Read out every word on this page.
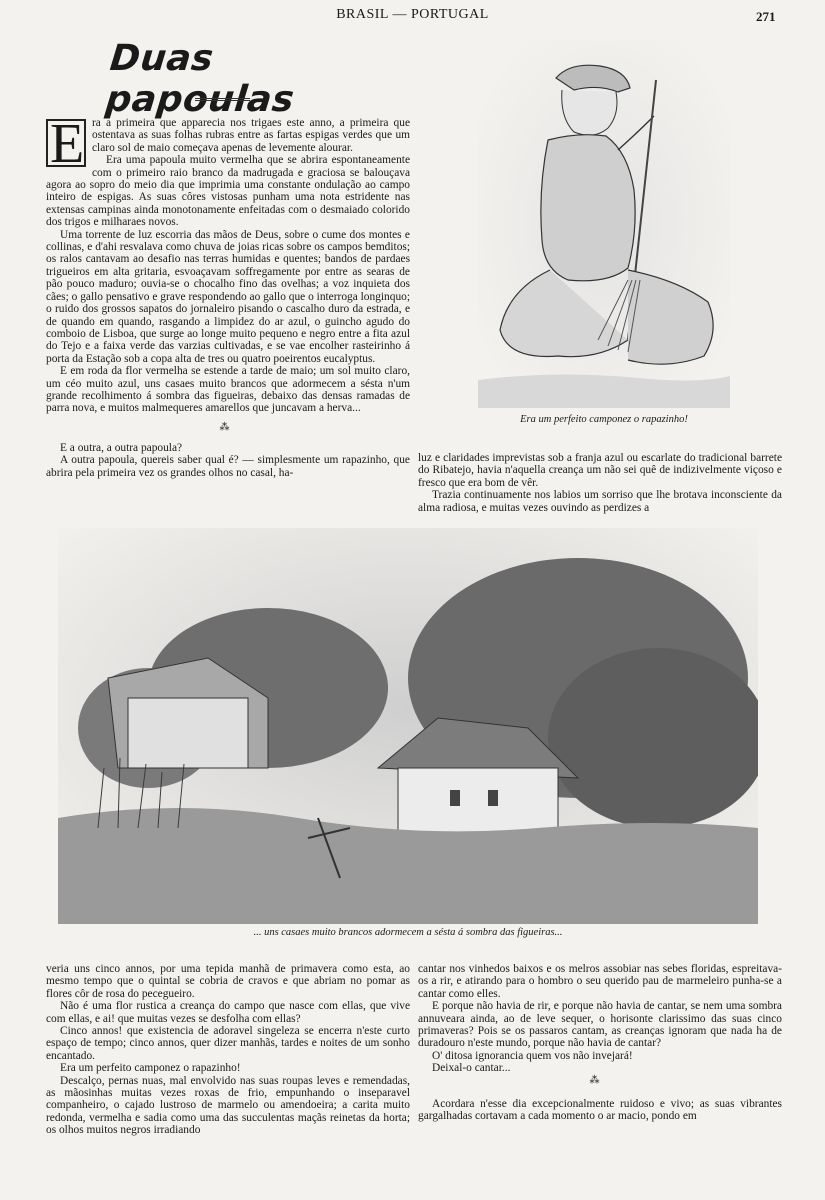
BRASIL — PORTUGAL	271
Duas papoulas

E ra a primeira que apparecia nos trigaes este anno, a primeira que ostentava as suas folhas rubras entre as fartas espigas verdes que um claro sol de maio começava apenas de levemente alourar.

Era uma papoula muito vermelha que se abrira espontaneamente com o primeiro raio branco da madrugada e graciosa se balouçava agora ao sopro do meio dia que imprimia uma constante ondulação ao campo inteiro de espigas. As suas côres vistosas punham uma nota estridente nas extensas campinas ainda monotonamente enfeitadas com o desmaiado colorido dos trigos e milharaes novos.

Uma torrente de luz escorria das mãos de Deus, sobre o cume dos montes e collinas, e d'ahi resvalava como chuva de joias ricas sobre os campos bemditos; os ralos cantavam ao desafio nas terras humidas e quentes; bandos de pardaes trigueiros em alta gritaria, esvoaçavam soffregamente por entre as searas de pão pouco maduro; ouvia-se o chocalho fino das ovelhas; a voz inquieta dos cães; o gallo pensativo e grave respondendo ao gallo que o interroga longinquo; o ruido dos grossos sapatos do jornaleiro pisando o cascalho duro da estrada, e de quando em quando, rasgando a limpidez do ar azul, o guincho agudo do comboio de Lisboa, que surge ao longe muito pequeno e negro entre a fita azul do Tejo e a faixa verde das varzias cultivadas, e se vae encolher rasteirinho á porta da Estação sob a copa alta de tres ou quatro poeirentos eucalyptus.

E em roda da flor vermelha se estende a tarde de maio; um sol muito claro, um céo muito azul, uns casaes muito brancos que adormecem a sésta n'um grande recolhimento á sombra das figueiras, debaixo das densas ramadas de parra nova, e muitos malmequeres amarellos que juncavam a herva...

⁂

E a outra, a outra papoula?

A outra papoula, quereis saber qual é? — simplesmente um rapazinho, que abrira pela primeira vez os grandes olhos no casal, ha-

luz e claridades imprevistas sob a franja azul ou escarlate do tradicional barrete do Ribatejo, havia n'aquella creança um não sei quê de indizivelmente viçoso e fresco que era bom de vêr.

Trazia continuamente nos labios um sorriso que lhe brotava inconsciente da alma radiosa, e muitas vezes ouvindo as perdizes a

Era um perfeito camponez o rapazinho!
... uns casaes muito brancos adormecem a sésta á sombra das figueiras...

veria uns cinco annos, por uma tepida manhã de primavera como esta, ao mesmo tempo que o quintal se cobria de cravos e que abriam no pomar as flores côr de rosa do pecegueiro.

Não é uma flor rustica a creança do campo que nasce com ellas, que vive com ellas, e ai! que muitas vezes se desfolha com ellas?

Cinco annos! que existencia de adoravel singeleza se encerra n'este curto espaço de tempo; cinco annos, quer dizer manhãs, tardes e noites de um sonho encantado.

Era um perfeito camponez o rapazinho!

Descalço, pernas nuas, mal envolvido nas suas roupas leves e remendadas, as mãosinhas muitas vezes roxas de frio, empunhando o inseparavel companheiro, o cajado lustroso de marmelo ou amendoeira; a carita muito redonda, vermelha e sadia como uma das succulentas maçãs reinetas da horta; os olhos muitos negros irradiando

cantar nos vinhedos baixos e os melros assobiar nas sebes floridas, espreitava-os a rir, e atirando para o hombro o seu querido pau de marmeleiro punha-se a cantar como elles.

E porque não havia de rir, e porque não havia de cantar, se nem uma sombra annuveara ainda, ao de leve sequer, o horisonte clarissimo das suas cinco primaveras? Pois se os passaros cantam, as creanças ignoram que nada ha de duradouro n'este mundo, porque não havia de cantar?

O' ditosa ignorancia quem vos não invejará!

Deixal-o cantar...

⁂

Acordara n'esse dia excepcionalmente ruidoso e vivo; as suas vibrantes gargalhadas cortavam a cada momento o ar macio, pondo em
